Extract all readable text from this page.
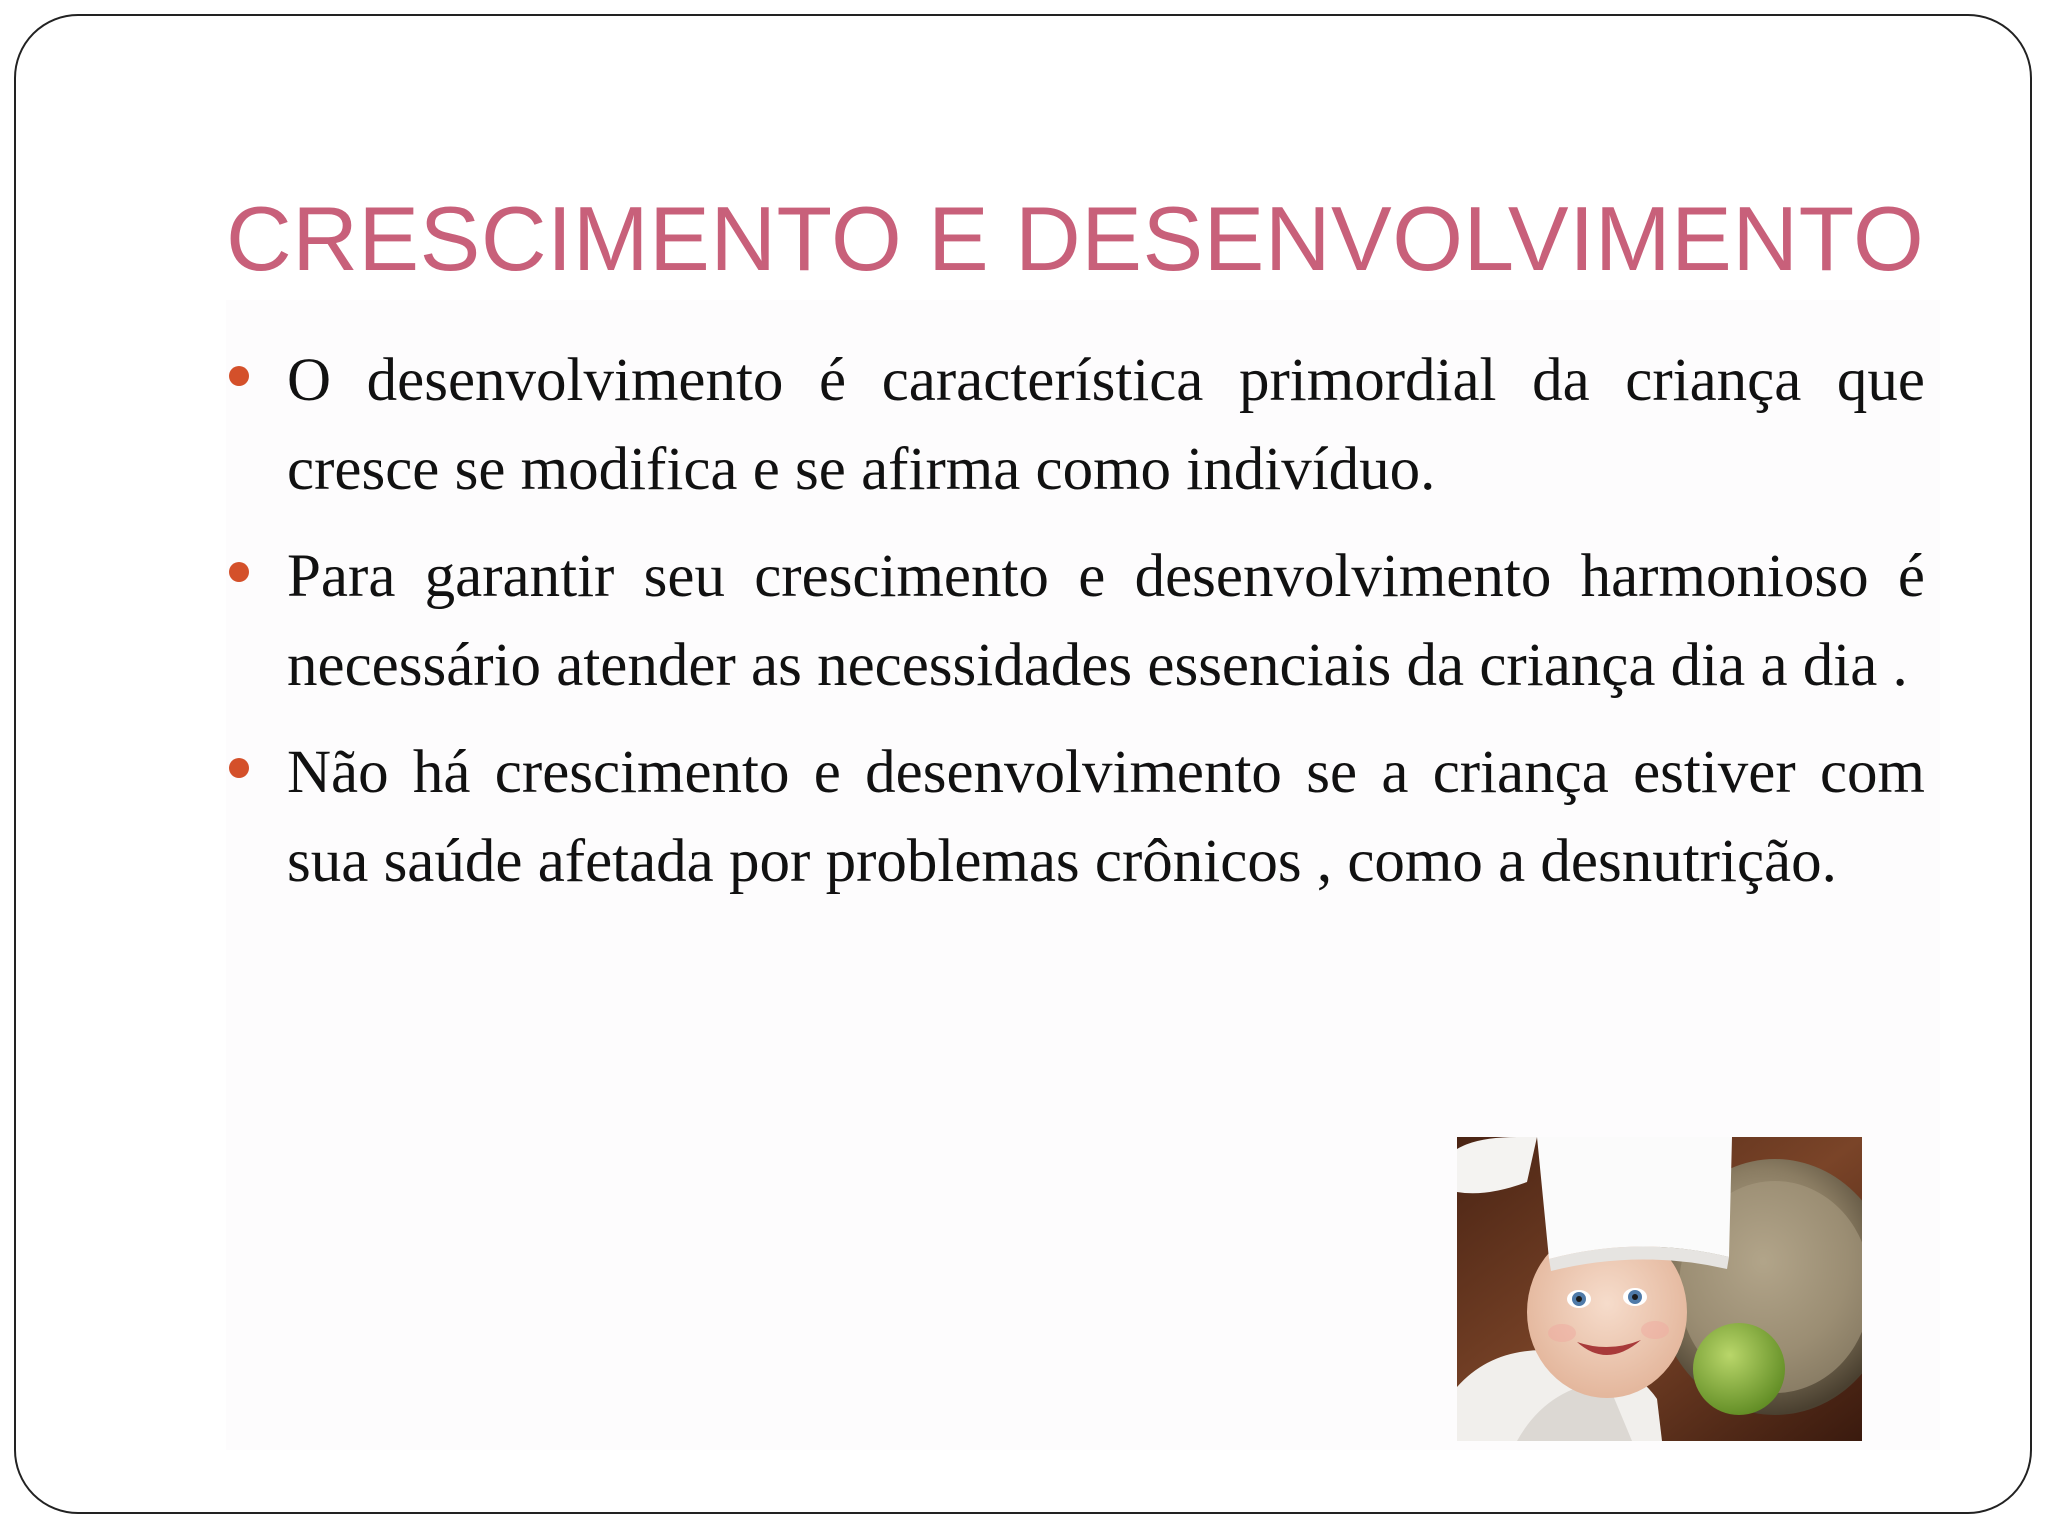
CRESCIMENTO E DESENVOLVIMENTO
O desenvolvimento é característica primordial da criança que cresce se modifica e se afirma como indivíduo.
Para garantir seu crescimento e desenvolvimento harmonioso é necessário atender as necessidades essenciais da criança dia a dia .
Não há crescimento e desenvolvimento se a criança estiver com sua saúde afetada por problemas crônicos , como a desnutrição.
